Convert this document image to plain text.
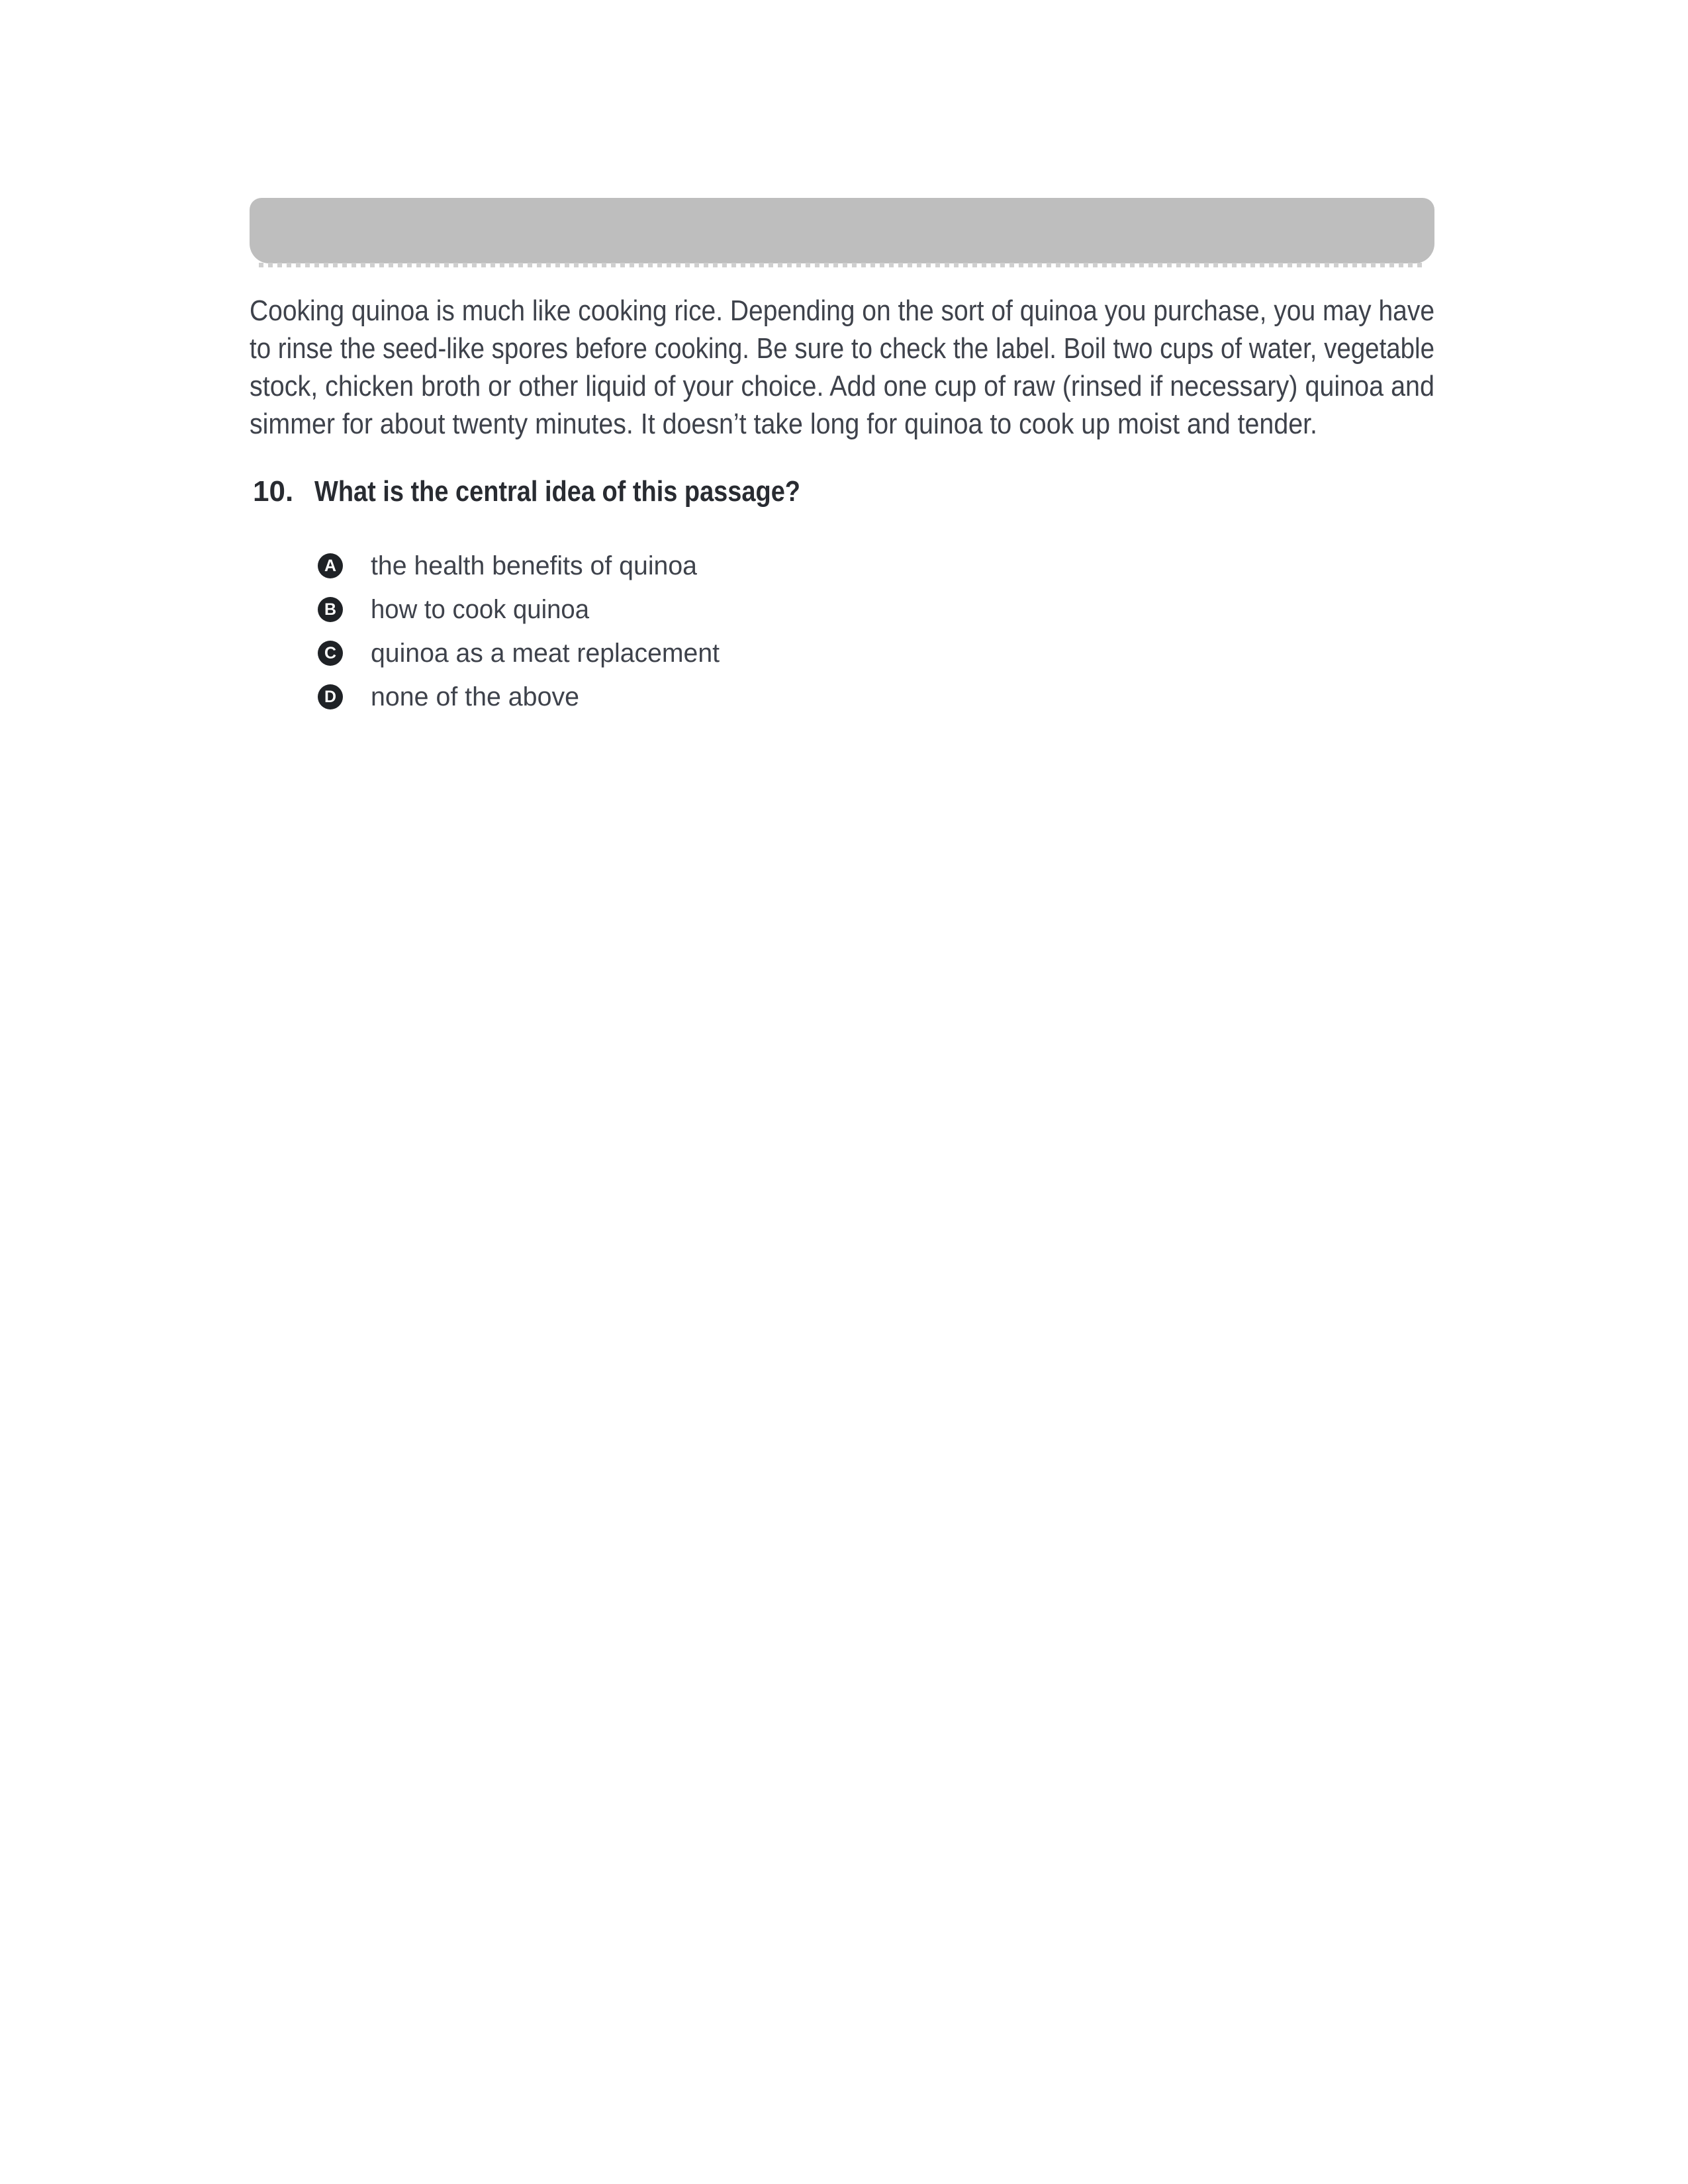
Cooking quinoa is much like cooking rice. Depending on the sort of quinoa you purchase, you may have
to rinse the seed-like spores before cooking. Be sure to check the label. Boil two cups of water, vegetable
stock, chicken broth or other liquid of your choice. Add one cup of raw (rinsed if necessary) quinoa and
simmer for about twenty minutes. It doesn’t take long for quinoa to cook up moist and tender.
10. What is the central idea of this passage?
A the health benefits of quinoa
B how to cook quinoa
C quinoa as a meat replacement
D none of the above
